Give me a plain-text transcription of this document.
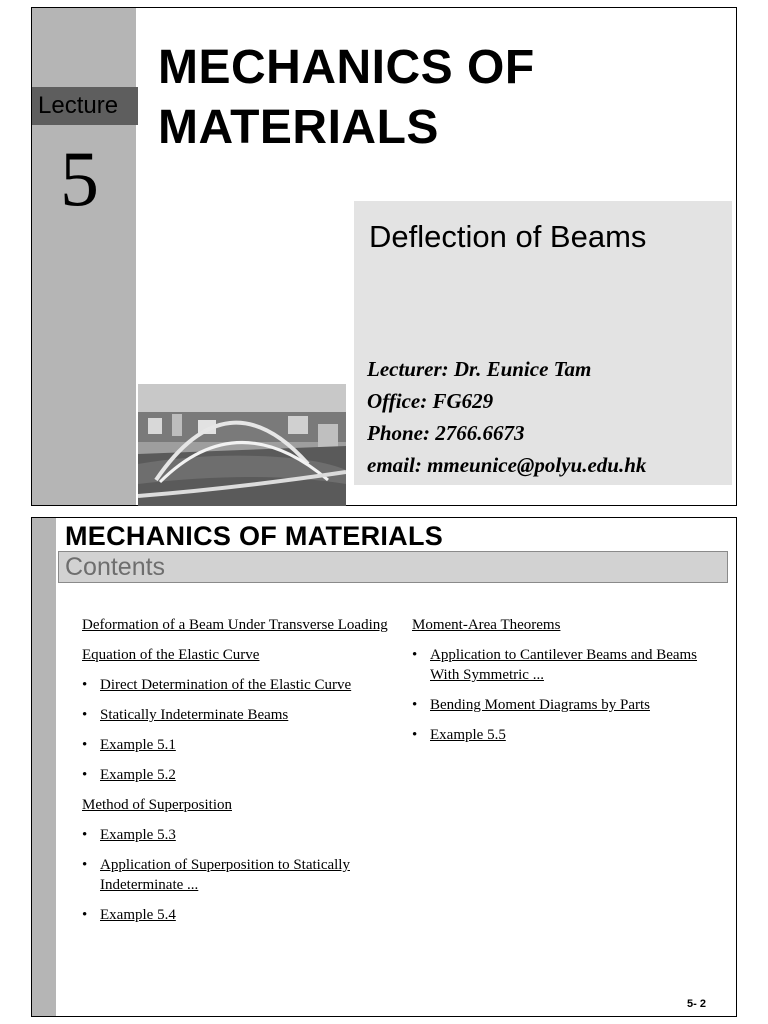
Lecture
5
MECHANICS OF
MATERIALS
Deflection of Beams
Lecturer: Dr. Eunice Tam
Office: FG629
Phone: 2766.6673
email: mmeunice@polyu.edu.hk
MECHANICS OF MATERIALS
Contents
Deformation of a Beam Under Transverse Loading
Equation of the Elastic Curve
• Direct Determination of the Elastic Curve
• Statically Indeterminate Beams
• Example 5.1
• Example 5.2
Method of Superposition
• Example 5.3
• Application of Superposition to Statically Indeterminate ...
• Example 5.4
Moment-Area Theorems
• Application to Cantilever Beams and Beams With Symmetric ...
• Bending Moment Diagrams by Parts
• Example 5.5
5- 2
